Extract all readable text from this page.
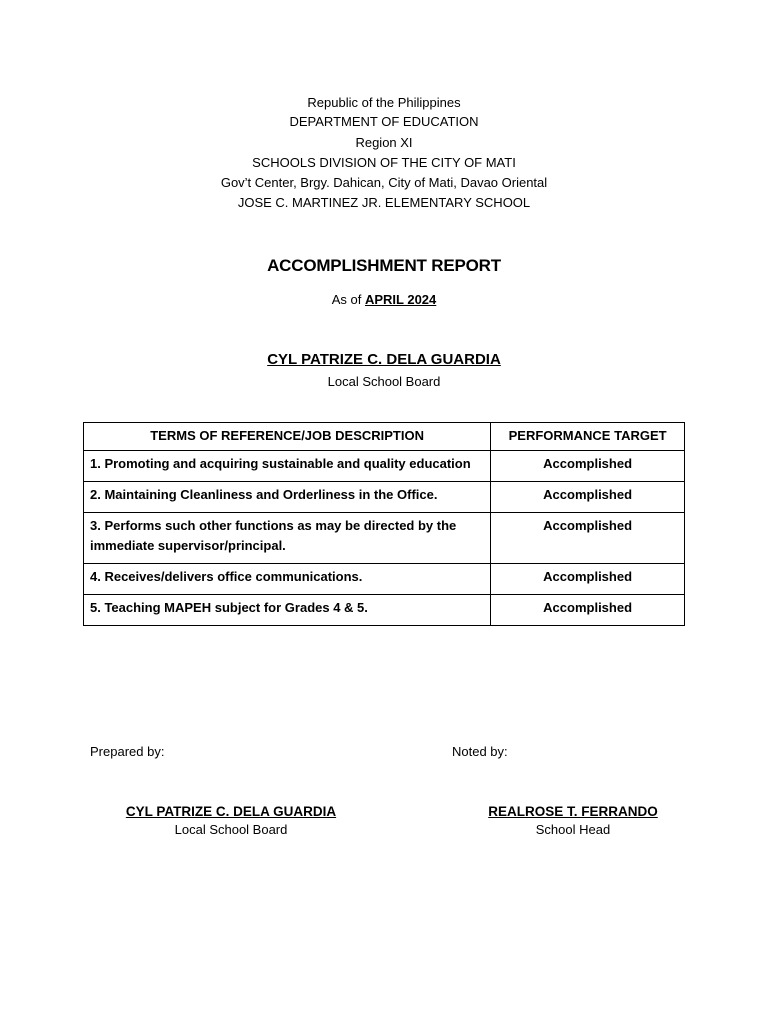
Republic of the Philippines
DEPARTMENT OF EDUCATION
Region XI
SCHOOLS DIVISION OF THE CITY OF MATI
Gov’t Center, Brgy. Dahican, City of Mati, Davao Oriental
JOSE C. MARTINEZ JR. ELEMENTARY SCHOOL
ACCOMPLISHMENT REPORT
As of APRIL 2024
CYL PATRIZE C. DELA GUARDIA
Local School Board
TERMS OF REFERENCE/JOB DESCRIPTION	PERFORMANCE TARGET
1. Promoting and acquiring sustainable and quality education	Accomplished
2. Maintaining Cleanliness and Orderliness in the Office.	Accomplished
3. Performs such other functions as may be directed by the immediate supervisor/principal.	Accomplished
4. Receives/delivers office communications.	Accomplished
5. Teaching MAPEH subject for Grades 4 & 5.	Accomplished
Prepared by:	Noted by:
CYL PATRIZE C. DELA GUARDIA
Local School Board
REALROSE T. FERRANDO
School Head
